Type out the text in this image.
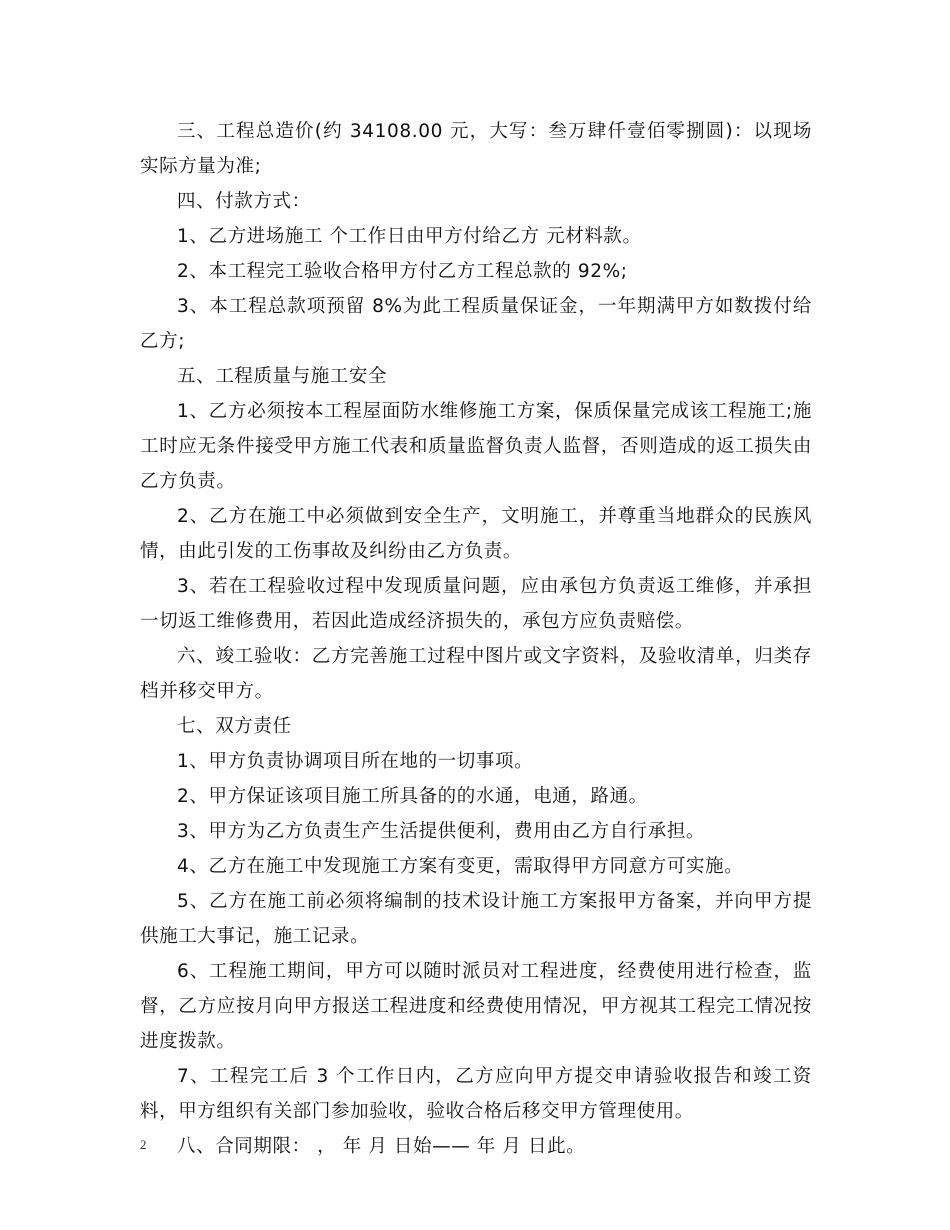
三、工程总造价(约 34108.00 元，大写：叁万肆仟壹佰零捌圆)：以现场实际方量为准;

四、付款方式：

1、乙方进场施工 个工作日由甲方付给乙方 元材料款。

2、本工程完工验收合格甲方付乙方工程总款的 92%;

3、本工程总款项预留 8%为此工程质量保证金，一年期满甲方如数拨付给乙方;

五、工程质量与施工安全

1、乙方必须按本工程屋面防水维修施工方案，保质保量完成该工程施工;施工时应无条件接受甲方施工代表和质量监督负责人监督，否则造成的返工损失由乙方负责。

2、乙方在施工中必须做到安全生产，文明施工，并尊重当地群众的民族风情，由此引发的工伤事故及纠纷由乙方负责。

3、若在工程验收过程中发现质量问题，应由承包方负责返工维修，并承担一切返工维修费用，若因此造成经济损失的，承包方应负责赔偿。

六、竣工验收：乙方完善施工过程中图片或文字资料，及验收清单，归类存档并移交甲方。

七、双方责任

1、甲方负责协调项目所在地的一切事项。

2、甲方保证该项目施工所具备的的水通，电通，路通。

3、甲方为乙方负责生产生活提供便利，费用由乙方自行承担。

4、乙方在施工中发现施工方案有变更，需取得甲方同意方可实施。

5、乙方在施工前必须将编制的技术设计施工方案报甲方备案，并向甲方提供施工大事记，施工记录。

6、工程施工期间，甲方可以随时派员对工程进度，经费使用进行检查，监督，乙方应按月向甲方报送工程进度和经费使用情况，甲方视其工程完工情况按进度拨款。

7、工程完工后 3 个工作日内，乙方应向甲方提交申请验收报告和竣工资料，甲方组织有关部门参加验收，验收合格后移交甲方管理使用。

八、合同期限： ， 年 月 日始—— 年 月 日此。

2
